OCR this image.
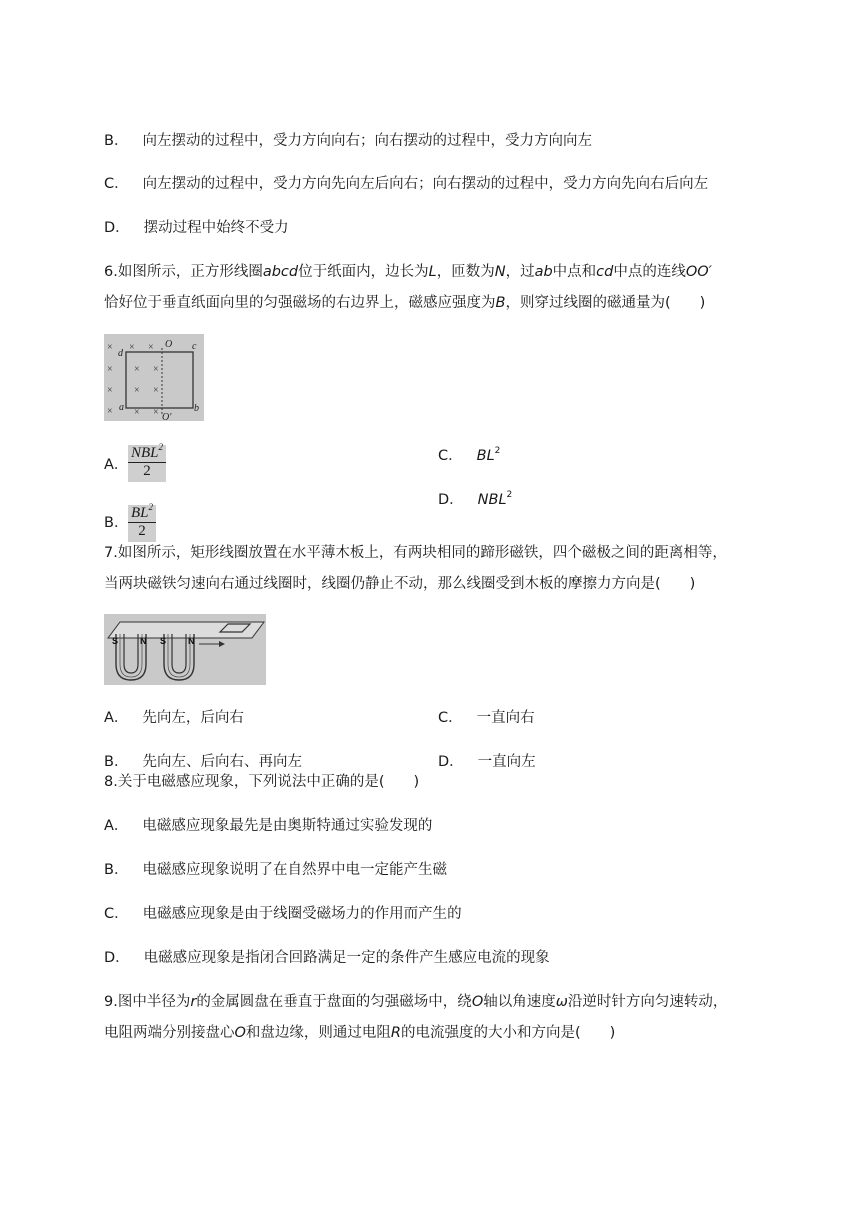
B． 向左摆动的过程中，受力方向向右；向右摆动的过程中，受力方向向左
C． 向左摆动的过程中，受力方向先向左后向右；向右摆动的过程中，受力方向先向右后向左
D． 摆动过程中始终不受力
6.如图所示，正方形线圈abcd位于纸面内，边长为L，匝数为N，过ab中点和cd中点的连线OO′
恰好位于垂直纸面向里的匀强磁场的右边界上，磁感应强度为B，则穿过线圈的磁通量为(　　)
× × ×
× × ×
× × ×
× × ×
d
O c
a	b
O′
A．
NBL$^2$
2
C． $BL^2$
D． NBL$^2$
B． $\frac{BL^2}{2}$
7.如图所示，矩形线圈放置在水平薄木板上，有两块相同的蹄形磁铁，四个磁极之间的距离相等，
当两块磁铁匀速向右通过线圈时，线圈仍静止不动，那么线圈受到木板的摩擦力方向是(　　)
S N S N
A． 先向左，后向右	C． 一直向右
B． 先向左、后向右、再向左	D． 一直向左
8.关于电磁感应现象，下列说法中正确的是(　　)
A． 电磁感应现象最先是由奥斯特通过实验发现的
B． 电磁感应现象说明了在自然界中电一定能产生磁
C． 电磁感应现象是由于线圈受磁场力的作用而产生的
D． 电磁感应现象是指闭合回路满足一定的条件产生感应电流的现象
9.图中半径为r的金属圆盘在垂直于盘面的匀强磁场中，绕O轴以角速度ω沿逆时针方向匀速转动，
电阻两端分别接盘心O和盘边缘，则通过电阻R的电流强度的大小和方向是(　　)
